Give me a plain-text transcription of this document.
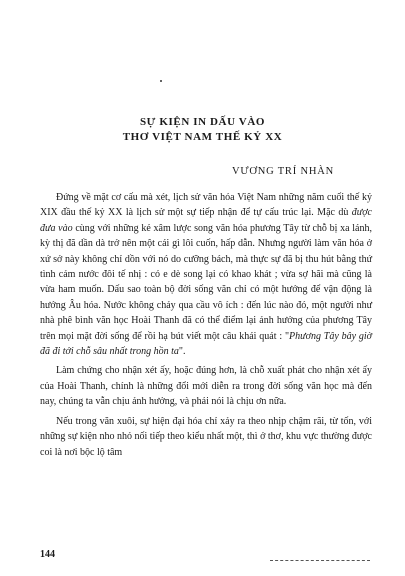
SỰ KIỆN IN DẤU VÀO
THƠ VIỆT NAM THẾ KỶ XX
VƯƠNG TRÍ NHÀN

Đứng về mặt cơ cấu mà xét, lịch sử văn hóa Việt Nam những năm cuối thế kỷ XIX đầu thế kỷ XX là lịch sử một sự tiếp nhận để tự cấu trúc lại. Mặc dù được đưa vào cùng với những kẻ xâm lược song văn hóa phương Tây từ chỗ bị xa lánh, kỳ thị đã dần dà trở nên một cái gì lôi cuốn, hấp dẫn. Nhưng người làm văn hóa ở xứ sở này không chỉ dồn với nó do cưỡng bách, mà thực sự đã bị thu hút bằng thứ tình cảm nước đôi tế nhị : có e dè song lại có khao khát ; vừa sợ hãi mà cũng là vừa ham muốn. Dấu sao toàn bộ đời sống văn chỉ có một hướng để vận động là hướng Âu hóa. Nước không chảy qua cầu vô ích : đến lúc nào đó, một người như nhà phê bình văn học Hoài Thanh đã có thể điểm lại ảnh hưởng của phương Tây trên mọi mặt đời sống để rồi hạ bút viết một câu khái quát : "Phương Tây bây giờ đã đi tới chỗ sâu nhất trong hồn ta".

Làm chứng cho nhận xét ấy, hoặc đúng hơn, là chỗ xuất phát cho nhận xét ấy của Hoài Thanh, chính là những đổi mới diễn ra trong đời sống văn học mà đến nay, chúng ta vẫn chịu ảnh hưởng, và phải nói là chịu ơn nữa.

Nếu trong văn xuôi, sự hiện đại hóa chỉ xảy ra theo nhịp chậm rãi, từ tốn, với những sự kiện nho nhỏ nối tiếp theo kiểu nhất một, thì ở thơ, khu vực thường được coi là nơi bộc lộ tâm

144
